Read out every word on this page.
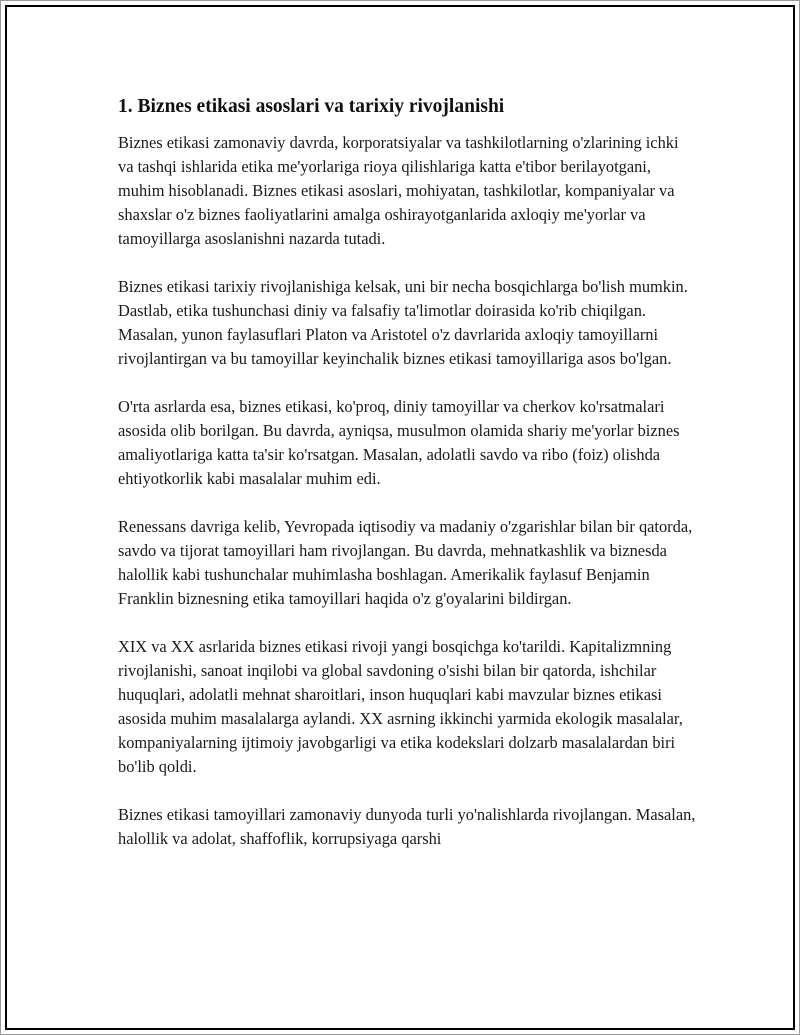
1. Biznes etikasi asoslari va tarixiy rivojlanishi

Biznes etikasi zamonaviy davrda, korporatsiyalar va tashkilotlarning o'zlarining ichki va tashqi ishlarida etika me'yorlariga rioya qilishlariga katta e'tibor berilayotgani, muhim hisoblanadi. Biznes etikasi asoslari, mohiyatan, tashkilotlar, kompaniyalar va shaxslar o'z biznes faoliyatlarini amalga oshirayotganlarida axloqiy me'yorlar va tamoyillarga asoslanishni nazarda tutadi.

Biznes etikasi tarixiy rivojlanishiga kelsak, uni bir necha bosqichlarga bo'lish mumkin. Dastlab, etika tushunchasi diniy va falsafiy ta'limotlar doirasida ko'rib chiqilgan. Masalan, yunon faylasuflari Platon va Aristotel o'z davrlarida axloqiy tamoyillarni rivojlantirgan va bu tamoyillar keyinchalik biznes etikasi tamoyillariga asos bo'lgan.

O'rta asrlarda esa, biznes etikasi, ko'proq, diniy tamoyillar va cherkov ko'rsatmalari asosida olib borilgan. Bu davrda, ayniqsa, musulmon olamida shariy me'yorlar biznes amaliyotlariga katta ta'sir ko'rsatgan. Masalan, adolatli savdo va ribo (foiz) olishda ehtiyotkorlik kabi masalalar muhim edi.

Renessans davriga kelib, Yevropada iqtisodiy va madaniy o'zgarishlar bilan bir qatorda, savdo va tijorat tamoyillari ham rivojlangan. Bu davrda, mehnatkashlik va biznesda halollik kabi tushunchalar muhimlasha boshlagan. Amerikalik faylasuf Benjamin Franklin biznesning etika tamoyillari haqida o'z g'oyalarini bildirgan.

XIX va XX asrlarida biznes etikasi rivoji yangi bosqichga ko'tarildi. Kapitalizmning rivojlanishi, sanoat inqilobi va global savdoning o'sishi bilan bir qatorda, ishchilar huquqlari, adolatli mehnat sharoitlari, inson huquqlari kabi mavzular biznes etikasi asosida muhim masalalarga aylandi. XX asrning ikkinchi yarmida ekologik masalalar, kompaniyalarning ijtimoiy javobgarligi va etika kodekslari dolzarb masalalardan biri bo'lib qoldi.

Biznes etikasi tamoyillari zamonaviy dunyoda turli yo'nalishlarda rivojlangan. Masalan, halollik va adolat, shaffoflik, korrupsiyaga qarshi
